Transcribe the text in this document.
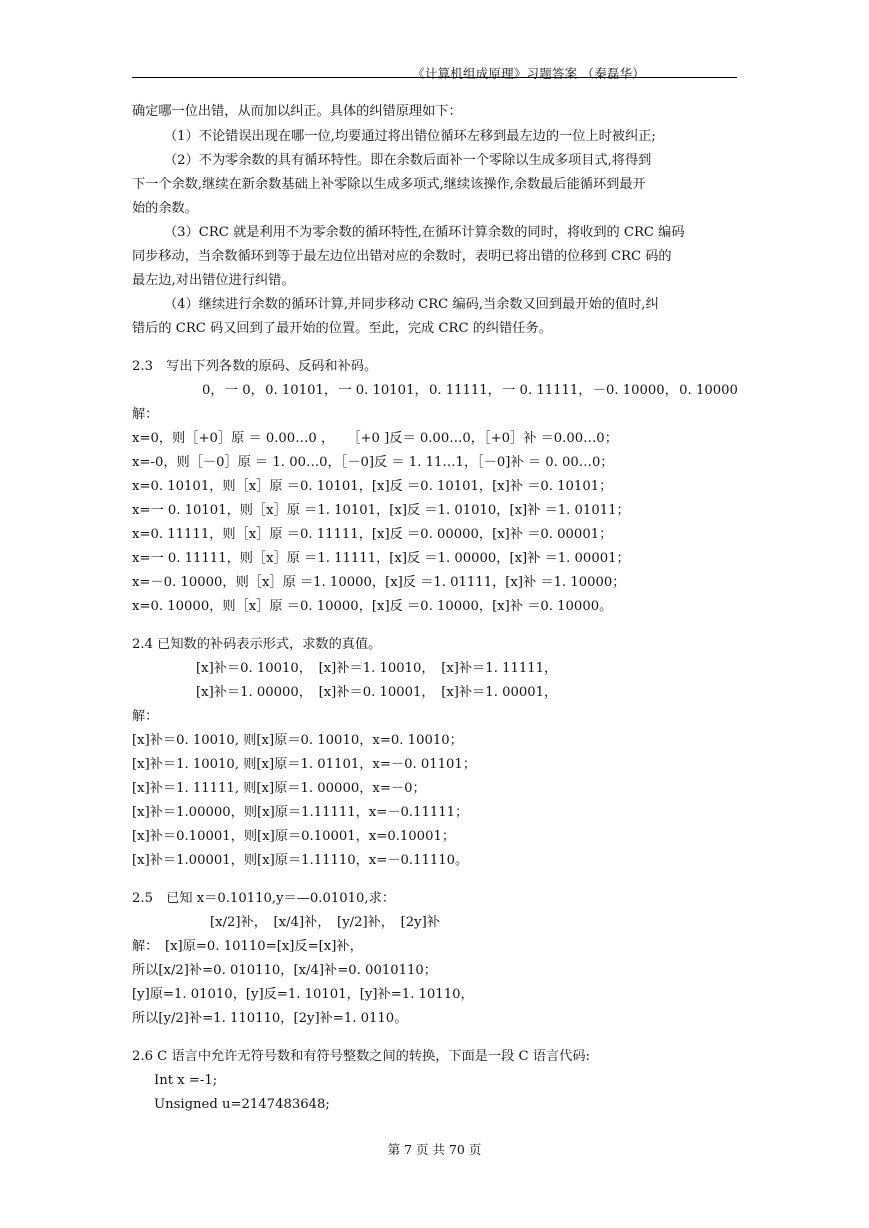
《计算机组成原理》习题答案 （秦磊华）
确定哪一位出错，从而加以纠正。具体的纠错原理如下：
（1）不论错误出现在哪一位,均要通过将出错位循环左移到最左边的一位上时被纠正;
（2）不为零余数的具有循环特性。即在余数后面补一个零除以生成多项目式,将得到
下一个余数,继续在新余数基础上补零除以生成多项式,继续该操作,余数最后能循环到最开
始的余数。
（3）CRC 就是利用不为零余数的循环特性,在循环计算余数的同时，将收到的 CRC 编码
同步移动，当余数循环到等于最左边位出错对应的余数时，表明已将出错的位移到 CRC 码的
最左边,对出错位进行纠错。
（4）继续进行余数的循环计算,并同步移动 CRC 编码,当余数又回到最开始的值时,纠
错后的 CRC 码又回到了最开始的位置。至此，完成 CRC 的纠错任务。
2.3　写出下列各数的原码、反码和补码。
0， 一 0， 0. 10101， 一 0. 10101， 0. 11111， 一 0. 11111， －0. 10000， 0. 10000
解：
x=0，则［+0］原 ＝ 0.00…0 ，　　［+0 ]反＝ 0.00…0，［+0］补 ＝0.00…0；
x=-0，则［－0］原 ＝ 1. 00…0，［－0]反 ＝ 1. 11…1，［－0]补 ＝ 0. 00…0；
x=0. 10101，则［x］原 ＝0. 10101，[x]反 ＝0. 10101，[x]补 ＝0. 10101；
x=一 0. 10101，则［x］原 ＝1. 10101，[x]反 ＝1. 01010，[x]补 ＝1. 01011；
x=0. 11111，则［x］原 ＝0. 11111，[x]反 ＝0. 00000，[x]补 ＝0. 00001；
x=一 0. 11111，则［x］原 ＝1. 11111，[x]反 ＝1. 00000，[x]补 ＝1. 00001；
x=－0. 10000，则［x］原 ＝1. 10000，[x]反 ＝1. 01111，[x]补 ＝1. 10000；
x=0. 10000，则［x］原 ＝0. 10000，[x]反 ＝0. 10000，[x]补 ＝0. 10000。
2.4 已知数的补码表示形式，求数的真值。
[x]补＝0. 10010，　[x]补＝1. 10010，　[x]补＝1. 11111，
[x]补＝1. 00000，　[x]补＝0. 10001，　[x]补＝1. 00001，
解：
[x]补＝0. 10010, 则[x]原＝0. 10010，x=0. 10010；
[x]补＝1. 10010, 则[x]原＝1. 01101，x=－0. 01101；
[x]补＝1. 11111, 则[x]原＝1. 00000，x=－0；
[x]补＝1.00000，则[x]原＝1.11111，x=－0.11111；
[x]补＝0.10001，则[x]原＝0.10001，x=0.10001；
[x]补＝1.00001，则[x]原＝1.11110，x=－0.11110。
2.5　已知 x＝0.10110,y＝—0.01010,求：
[x/2]补，　[x/4]补，　[y/2]补，　[2y]补
解：　[x]原=0. 10110=[x]反=[x]补，
所以[x/2]补=0. 010110，[x/4]补=0. 0010110；
[y]原=1. 01010，[y]反=1. 10101，[y]补=1. 10110，
所以[y/2]补=1. 110110，[2y]补=1. 0110。
2.6 C 语言中允许无符号数和有符号整数之间的转换，下面是一段 C 语言代码:
Int x =-1;
Unsigned u=2147483648;
第 7 页 共 70 页
